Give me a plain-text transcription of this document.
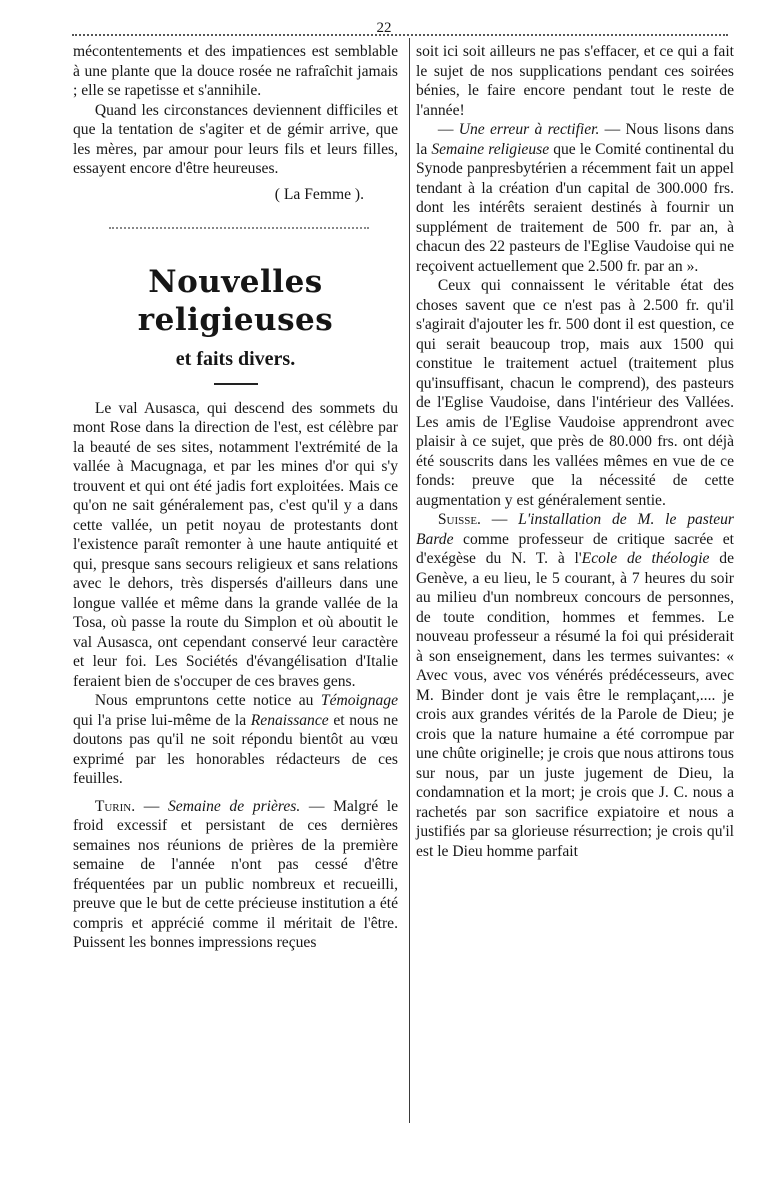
22

mécontentements et des impatiences est semblable à une plante que la douce rosée ne rafraîchit jamais ; elle se rapetisse et s'annihile.

Quand les circonstances deviennent difficiles et que la tentation de s'agiter et de gémir arrive, que les mères, par amour pour leurs fils et leurs filles, essayent encore d'être heureuses.

( La Femme ).
Nouvelles religieuses
et faits divers.

Le val Ausasca, qui descend des sommets du mont Rose dans la direction de l'est, est célèbre par la beauté de ses sites, notamment l'extrémité de la vallée à Macugnaga, et par les mines d'or qui s'y trouvent et qui ont été jadis fort exploitées. Mais ce qu'on ne sait généralement pas, c'est qu'il y a dans cette vallée, un petit noyau de protestants dont l'existence paraît remonter à une haute antiquité et qui, presque sans secours religieux et sans relations avec le dehors, très dispersés d'ailleurs dans une longue vallée et même dans la grande vallée de la Tosa, où passe la route du Simplon et où aboutit le val Ausasca, ont cependant conservé leur caractère et leur foi. Les Sociétés d'évangélisation d'Italie feraient bien de s'occuper de ces braves gens.

Nous empruntons cette notice au Témoignage qui l'a prise lui-même de la Renaissance et nous ne doutons pas qu'il ne soit répondu bientôt au vœu exprimé par les honorables rédacteurs de ces feuilles.

Turin. — Semaine de prières. — Malgré le froid excessif et persistant de ces dernières semaines nos réunions de prières de la première semaine de l'année n'ont pas cessé d'être fréquentées par un public nombreux et recueilli, preuve que le but de cette précieuse institution a été compris et apprécié comme il méritait de l'être. Puissent les bonnes impressions reçues

soit ici soit ailleurs ne pas s'effacer, et ce qui a fait le sujet de nos supplications pendant ces soirées bénies, le faire encore pendant tout le reste de l'année!

— Une erreur à rectifier. — Nous lisons dans la Semaine religieuse que le Comité continental du Synode panpresbytérien a récemment fait un appel tendant à la création d'un capital de 300.000 frs. dont les intérêts seraient destinés à fournir un supplément de traitement de 500 fr. par an, à chacun des 22 pasteurs de l'Eglise Vaudoise qui ne reçoivent actuellement que 2.500 fr. par an ».

Ceux qui connaissent le véritable état des choses savent que ce n'est pas à 2.500 fr. qu'il s'agirait d'ajouter les fr. 500 dont il est question, ce qui serait beaucoup trop, mais aux 1500 qui constitue le traitement actuel (traitement plus qu'insuffisant, chacun le comprend), des pasteurs de l'Eglise Vaudoise, dans l'intérieur des Vallées. Les amis de l'Eglise Vaudoise apprendront avec plaisir à ce sujet, que près de 80.000 frs. ont déjà été souscrits dans les vallées mêmes en vue de ce fonds: preuve que la nécessité de cette augmentation y est généralement sentie.

Suisse. — L'installation de M. le pasteur Barde comme professeur de critique sacrée et d'exégèse du N. T. à l'Ecole de théologie de Genève, a eu lieu, le 5 courant, à 7 heures du soir au milieu d'un nombreux concours de personnes, de toute condition, hommes et femmes. Le nouveau professeur a résumé la foi qui présiderait à son enseignement, dans les termes suivantes: « Avec vous, avec vos vénérés prédécesseurs, avec M. Binder dont je vais être le remplaçant,.... je crois aux grandes vérités de la Parole de Dieu; je crois que la nature humaine a été corrompue par une chûte originelle; je crois que nous attirons tous sur nous, par un juste jugement de Dieu, la condamnation et la mort; je crois que J. C. nous a rachetés par son sacrifice expiatoire et nous a justifiés par sa glorieuse résurrection; je crois qu'il est le Dieu homme parfait
